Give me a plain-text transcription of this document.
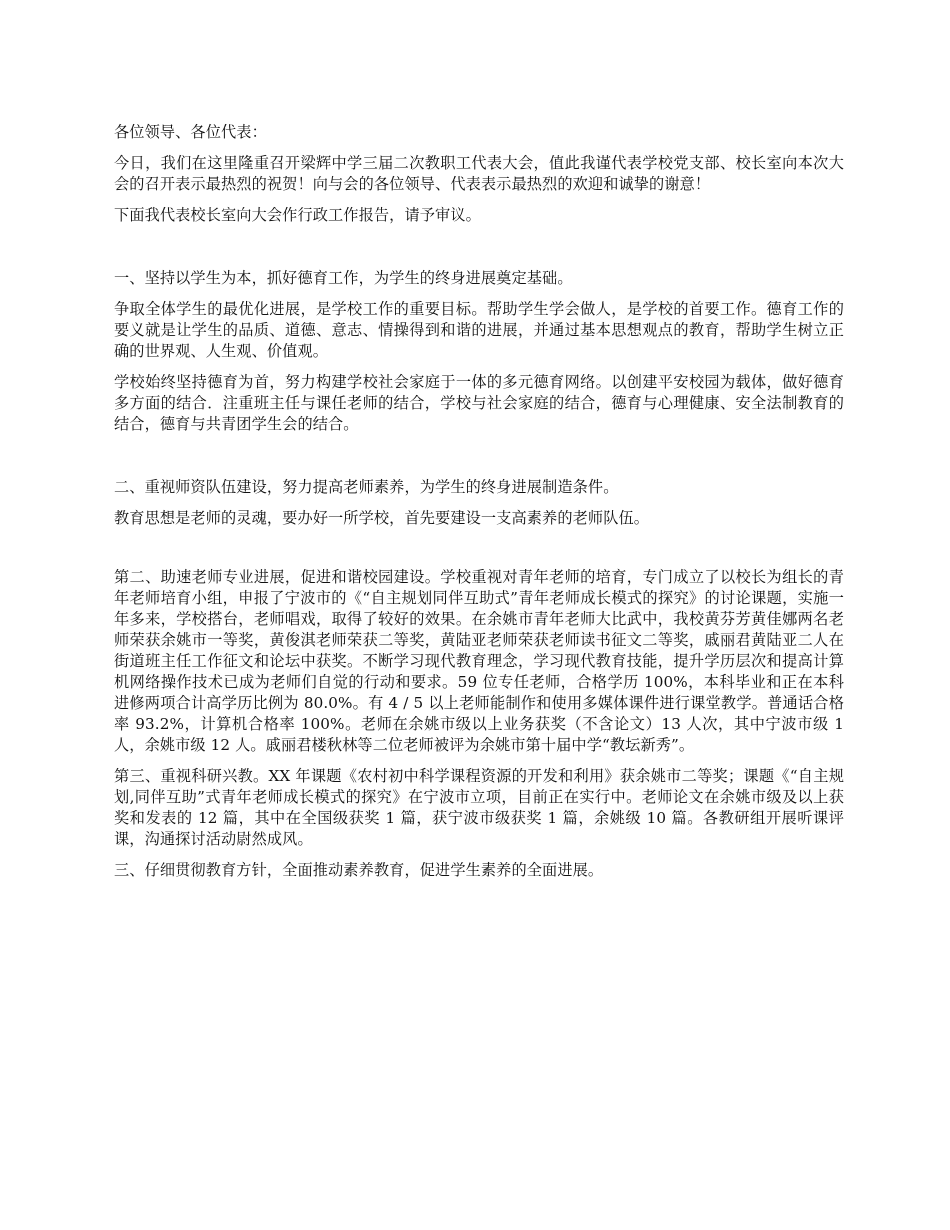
各位领导、各位代表：

今日，我们在这里隆重召开梁辉中学三届二次教职工代表大会，值此我谨代表学校党支部、校长室向本次大会的召开表示最热烈的祝贺！向与会的各位领导、代表表示最热烈的欢迎和诚挚的谢意！

下面我代表校长室向大会作行政工作报告，请予审议。

一、坚持以学生为本，抓好德育工作，为学生的终身进展奠定基础。

争取全体学生的最优化进展，是学校工作的重要目标。帮助学生学会做人，是学校的首要工作。德育工作的要义就是让学生的品质、道德、意志、情操得到和谐的进展，并通过基本思想观点的教育，帮助学生树立正确的世界观、人生观、价值观。

学校始终坚持德育为首，努力构建学校社会家庭于一体的多元德育网络。以创建平安校园为载体，做好德育多方面的结合．注重班主任与课任老师的结合，学校与社会家庭的结合，德育与心理健康、安全法制教育的结合，德育与共青团学生会的结合。

二、重视师资队伍建设，努力提高老师素养，为学生的终身进展制造条件。

教育思想是老师的灵魂，要办好一所学校，首先要建设一支高素养的老师队伍。

第二、助速老师专业进展，促进和谐校园建设。学校重视对青年老师的培育，专门成立了以校长为组长的青年老师培育小组，申报了宁波市的《“自主规划同伴互助式”青年老师成长模式的探究》的讨论课题，实施一年多来，学校搭台，老师唱戏，取得了较好的效果。在余姚市青年老师大比武中，我校黄芬芳黄佳娜两名老师荣获余姚市一等奖，黄俊淇老师荣获二等奖，黄陆亚老师荣获老师读书征文二等奖，戚丽君黄陆亚二人在街道班主任工作征文和论坛中获奖。不断学习现代教育理念，学习现代教育技能，提升学历层次和提高计算机网络操作技术已成为老师们自觉的行动和要求。59 位专任老师，合格学历 100%，本科毕业和正在本科进修两项合计高学历比例为 80.0%。有 4 / 5 以上老师能制作和使用多媒体课件进行课堂教学。普通话合格率 93.2%，计算机合格率 100%。老师在余姚市级以上业务获奖（不含论文）13 人次，其中宁波市级 1 人，余姚市级 12 人。戚丽君楼秋林等二位老师被评为余姚市第十届中学“教坛新秀”。

第三、重视科研兴教。XX 年课题《农村初中科学课程资源的开发和利用》获余姚市二等奖；课题《“自主规划,同伴互助”式青年老师成长模式的探究》在宁波市立项，目前正在实行中。老师论文在余姚市级及以上获奖和发表的 12 篇，其中在全国级获奖 1 篇，获宁波市级获奖 1 篇，余姚级 10 篇。各教研组开展听课评课，沟通探讨活动尉然成风。

三、仔细贯彻教育方针，全面推动素养教育，促进学生素养的全面进展。
